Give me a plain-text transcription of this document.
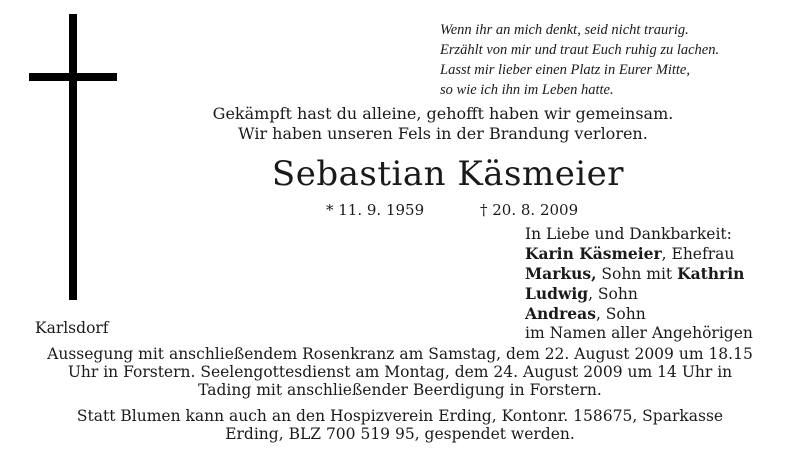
Wenn ihr an mich denkt, seid nicht traurig.
Erzählt von mir und traut Euch ruhig zu lachen.
Lasst mir lieber einen Platz in Eurer Mitte,
so wie ich ihn im Leben hatte.
Gekämpft hast du alleine, gehofft haben wir gemeinsam.
Wir haben unseren Fels in der Brandung verloren.
Sebastian Käsmeier
* 11. 9. 1959	† 20. 8. 2009
In Liebe und Dankbarkeit:
Karin Käsmeier, Ehefrau
Markus, Sohn mit Kathrin
Ludwig, Sohn
Andreas, Sohn
im Namen aller Angehörigen
Karlsdorf
Aussegung mit anschließendem Rosenkranz am Samstag, dem 22. August 2009 um 18.15
Uhr in Forstern. Seelengottesdienst am Montag, dem 24. August 2009 um 14 Uhr in
Tading mit anschließender Beerdigung in Forstern.
Statt Blumen kann auch an den Hospizverein Erding, Kontonr. 158675, Sparkasse
Erding, BLZ 700 519 95, gespendet werden.
